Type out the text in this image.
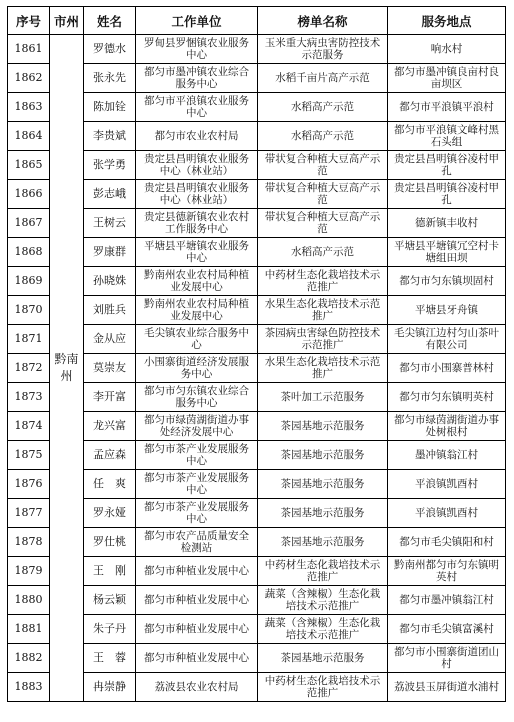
序号	市州	姓名	工作单位	榜单名称	服务地点
1861	黔南州	罗德水	罗甸县罗悃镇农业服务中心	玉米重大病虫害防控技术示范服务	响水村
1862		张永先	都匀市墨冲镇农业综合服务中心	水稻千亩片高产示范	都匀市墨冲镇良亩村良亩坝区
1863		陈加铨	都匀市平浪镇农业服务中心	水稻高产示范	都匀市平浪镇平浪村
1864		李贵斌	都匀市农业农村局	水稻高产示范	都匀市平浪镇文峰村黑石头组
1865		张学勇	贵定县昌明镇农业服务中心（林业站）	带状复合种植大豆高产示范	贵定县昌明镇谷凌村甲孔
1866		彭志峨	贵定县昌明镇农业服务中心（林业站）	带状复合种植大豆高产示范	贵定县昌明镇谷凌村甲孔
1867		王树云	贵定县德新镇农业农村工作服务中心	带状复合种植大豆高产示范	德新镇丰收村
1868		罗康群	平塘县平塘镇农业服务中心	水稻高产示范	平塘县平塘镇冗空村卡塘组田坝
1869		孙晓姝	黔南州农业农村局种植业发展中心	中药材生态化栽培技术示范推广	都匀市匀东镇坝固村
1870		刘胜兵	黔南州农业农村局种植业发展中心	水果生态化栽培技术示范推广	平塘县牙舟镇
1871		金从应	毛尖镇农业综合服务中心	茶园病虫害绿色防控技术示范推广	毛尖镇江边村匀山茶叶有限公司
1872		莫崇友	小围寨街道经济发展服务中心	水果生态化栽培技术示范推广	都匀市小围寨普林村
1873		李开富	都匀市匀东镇农业综合服务中心	茶叶加工示范服务	都匀市匀东镇明英村
1874		龙兴富	都匀市绿茵湖街道办事处经济发展中心	茶园基地示范服务	都匀市绿茵湖街道办事处树根村
1875		孟应森	都匀市茶产业发展服务中心	茶园基地示范服务	墨冲镇翁江村
1876		任　爽	都匀市茶产业发展服务中心	茶园基地示范服务	平浪镇凯酉村
1877		罗永娅	都匀市茶产业发展服务中心	茶园基地示范服务	平浪镇凯酉村
1878		罗仕桃	都匀市农产品质量安全检测站	茶园基地示范服务	都匀市毛尖镇阳和村
1879		王　刚	都匀市种植业发展中心	中药材生态化栽培技术示范推广	黔南州都匀市匀东镇明英村
1880		杨云颖	都匀市种植业发展中心	蔬菜（含辣椒）生态化栽培技术示范推广	都匀市墨冲镇翁江村
1881		朱子丹	都匀市种植业发展中心	蔬菜（含辣椒）生态化栽培技术示范推广	都匀市毛尖镇富溪村
1882		王　蓉	都匀市种植业发展中心	茶园基地示范服务	都匀市小围寨街道团山村
1883		冉崇静	荔波县农业农村局	中药材生态化栽培技术示范推广	荔波县玉屏街道水浦村
